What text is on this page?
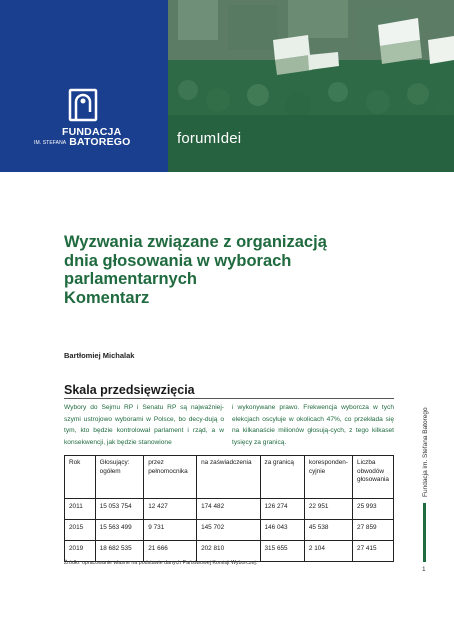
FUNDACJA
IM. STEFANA BATOREGO	forumIdei
Wyzwania związane z organizacją
dnia głosowania w wyborach
parlamentarnych
Komentarz
Bartłomiej Michalak
Skala przedsięwzięcia
Wybory do Sejmu RP i Senatu RP są najważniej-szymi ustrojowo wyborami w Polsce, bo decy-dują o tym, kto będzie kontrolował parlament i rząd, a w konsekwencji, jak będzie stanowione
i wykonywane prawo. Frekwencja wyborcza w tych elekcjach oscyluje w okolicach 47%, co przekłada się na kilkanaście milionów głosują-cych, z tego kilkaset tysięcy za granicą.
Rok	Głosujący: ogółem	przez pełnomocnika	na zaświadczenia	za granicą	koresponden-cyjnie	Liczba obwodów głosowania
2011	15 053 754	12 427	174 482	126 274	22 951	25 993
2015	15 563 499	9 731	145 702	146 043	45 538	27 859
2019	18 682 535	21 666	202 810	315 655	2 104	27 415
Źródło: opracowanie własne na podstawie danych Państwowej Komisji Wyborczej.
Fundacja im. Stefana Batorego
1
